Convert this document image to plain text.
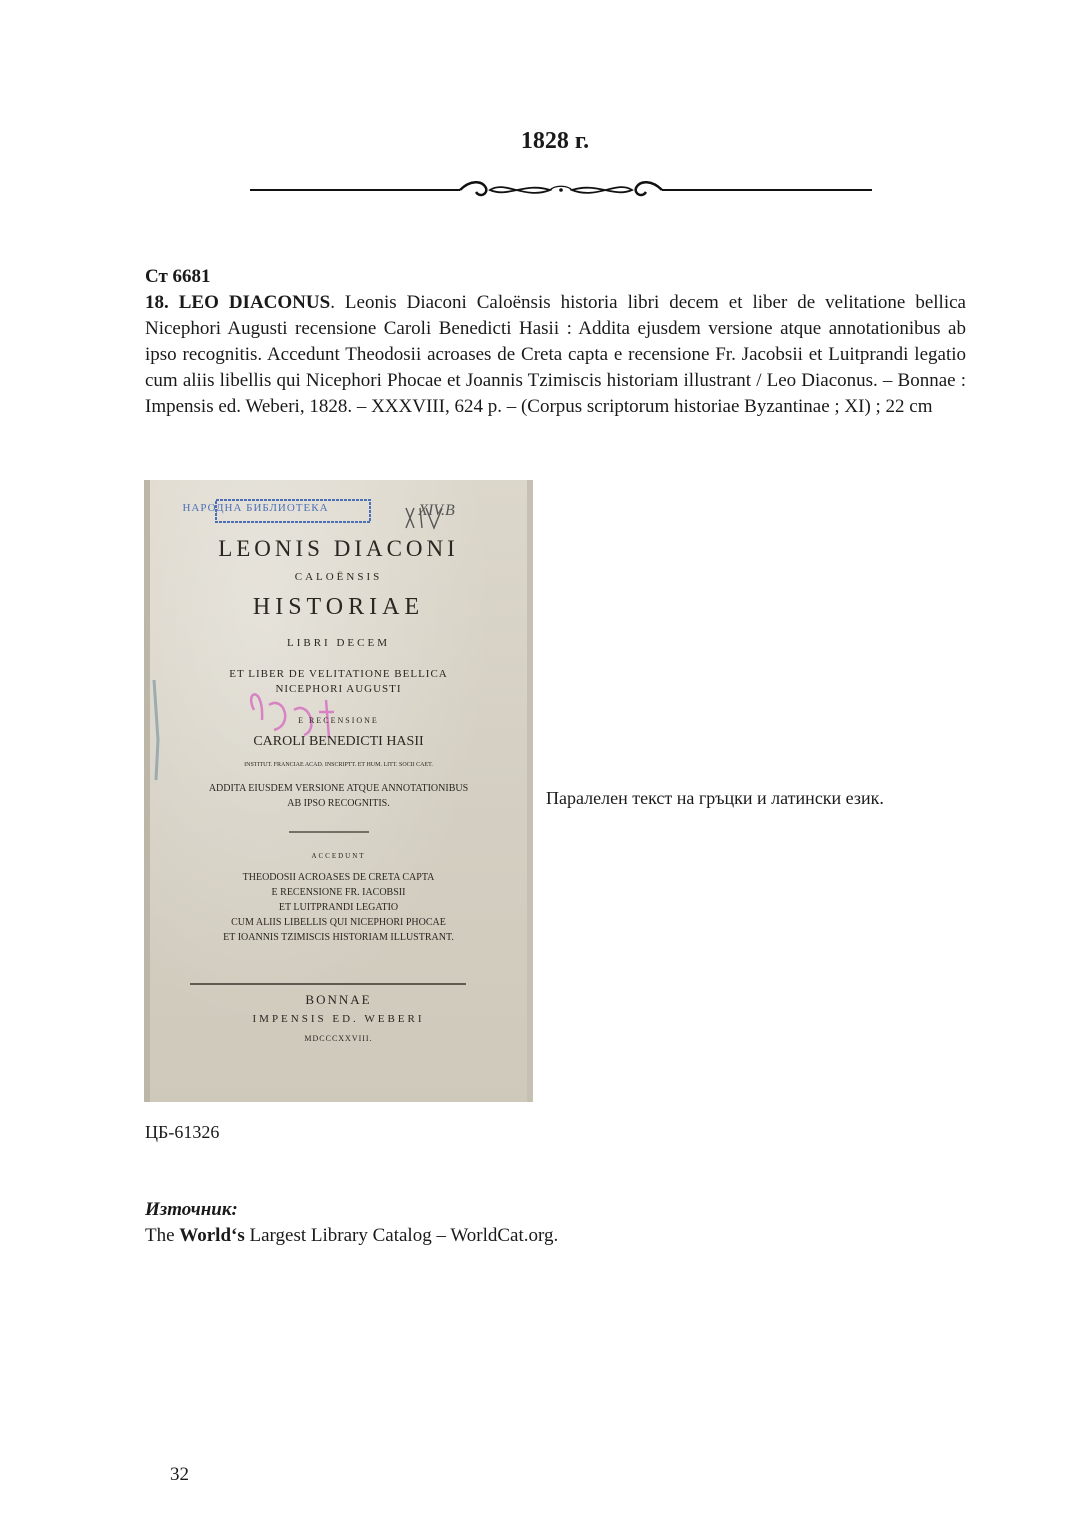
1828 г.
Ст 6681
18. LEO DIACONUS. Leonis Diaconi Caloënsis historia libri decem et liber de velitatione bellica Nicephori Augusti recensione Caroli Benedicti Hasii : Addita ejusdem versione atque annotationibus ab ipso recognitis. Accedunt Theodosii acroases de Creta capta e recensione Fr. Jacobsii et Luitprandi legatio cum aliis libellis qui Nicephori Phocae et Joannis Tzimiscis historiam illustrant / Leo Diaconus. – Bonnae : Impensis ed. Weberi, 1828. – XXXVIII, 624 p. – (Corpus scriptorum historiae Byzantinae ; XI) ; 22 cm
НАРОДНА БИБЛИОТЕКА	XIV.B
LEONIS DIACONI
CALOËNSIS
HISTORIAE
LIBRI DECEM
ET LIBER DE VELITATIONE BELLICA
NICEPHORI AUGUSTI
E RECENSIONE
CAROLI BENEDICTI HASII
INSTITUT. FRANCIAE ACAD. INSCRIPTT. ET HUM. LITT. SOCII CAET.
ADDITA EIUSDEM VERSIONE ATQUE ANNOTATIONIBUS
AB IPSO RECOGNITIS.
ACCEDUNT
THEODOSII ACROASES DE CRETA CAPTA
E RECENSIONE FR. IACOBSII
ET LUITPRANDI LEGATIO
CUM ALIIS LIBELLIS QUI NICEPHORI PHOCAE
ET IOANNIS TZIMISCIS HISTORIAM ILLUSTRANT.
BONNAE
IMPENSIS ED. WEBERI
MDCCCXXVIII.
Паралелен текст на гръцки и латински език.
ЦБ-61326
Източник:
The World‘s Largest Library Catalog – WorldCat.org.
32
